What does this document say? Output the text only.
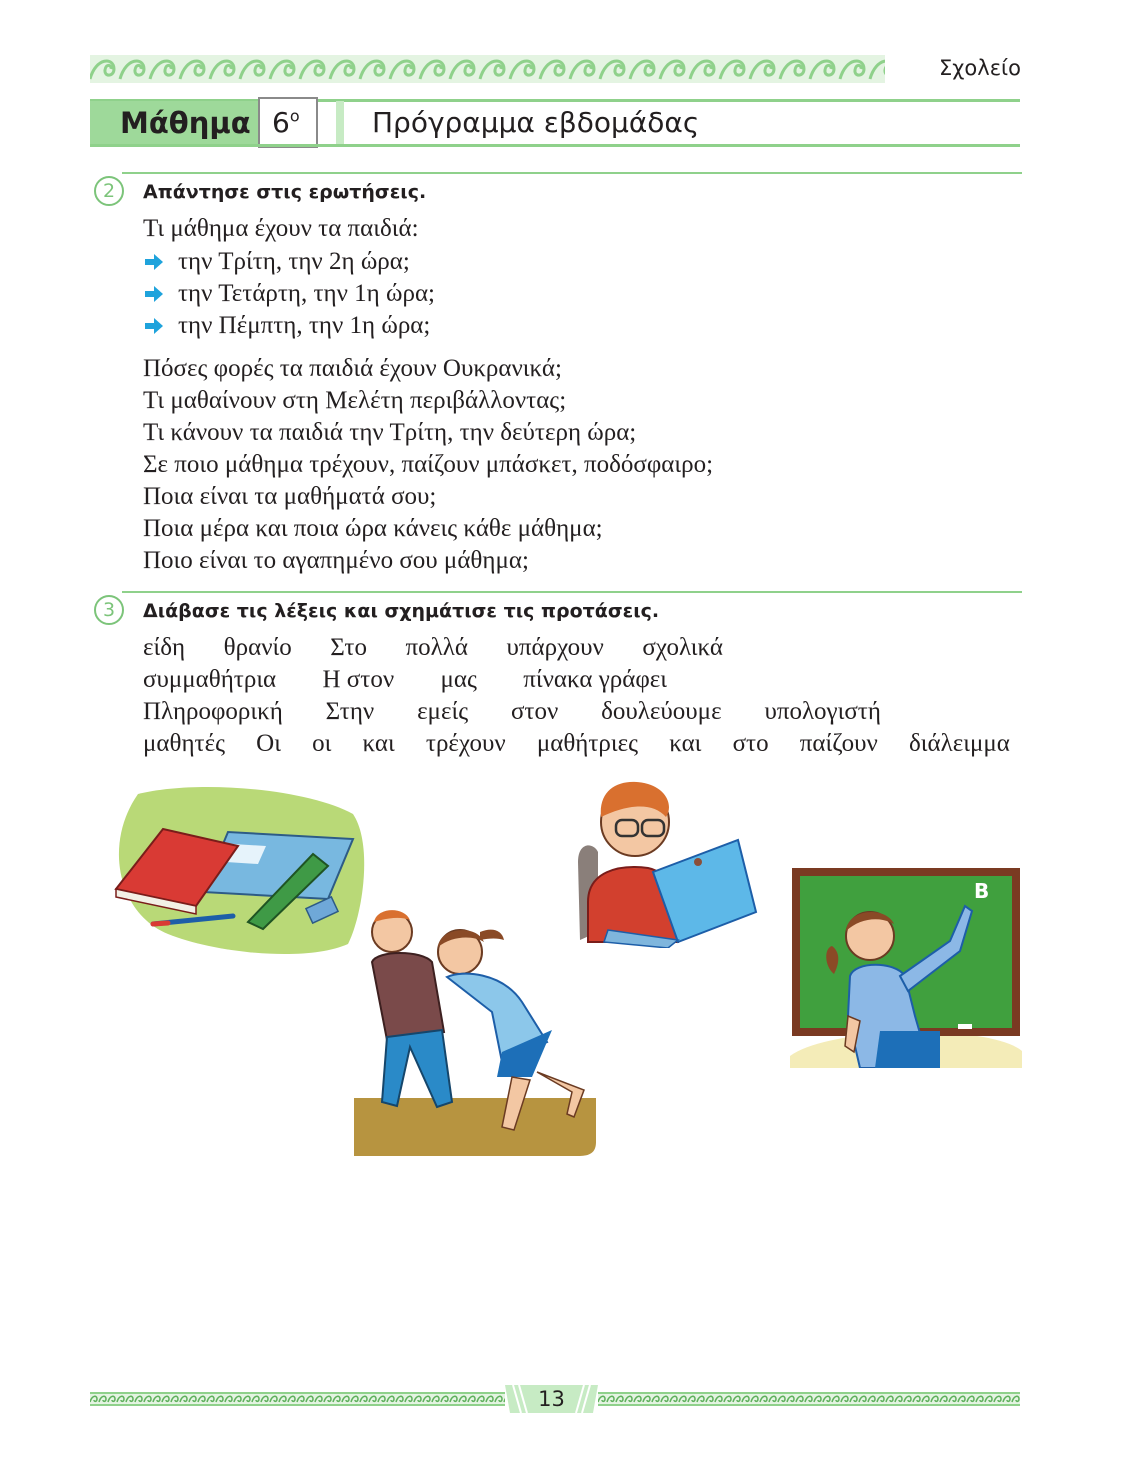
Σχολείο
Μάθημα $6^o$	Πρόγραμμα εβδομάδας
2	Απάντησε στις ερωτήσεις.
Τι μάθημα έχουν τα παιδιά:
την Τρίτη, την 2η ώρα;
την Τετάρτη, την 1η ώρα;
την Πέμπτη, την 1η ώρα;
Πόσες φορές τα παιδιά έχουν Ουκρανικά;
Τι μαθαίνουν στη Μελέτη περιβάλλοντας;
Τι κάνουν τα παιδιά την Τρίτη, την δεύτερη ώρα;
Σε ποιο μάθημα τρέχουν, παίζουν μπάσκετ, ποδόσφαιρο;
Ποια είναι τα μαθήματά σου;
Ποια μέρα και ποια ώρα κάνεις κάθε μάθημα;
Ποιο είναι το αγαπημένο σου μάθημα;
3	Διάβασε τις λέξεις και σχημάτισε τις προτάσεις.
είδη θρανίο Στο πολλά υπάρχουν σχολικά
συμμαθήτρια Η στον μας πίνακα γράφει
Πληροφορική Στην εμείς στον δουλεύουμε υπολογιστή
μαθητές Οι οι και τρέχουν μαθήτριες και στο παίζουν διάλειμμα
B
13
